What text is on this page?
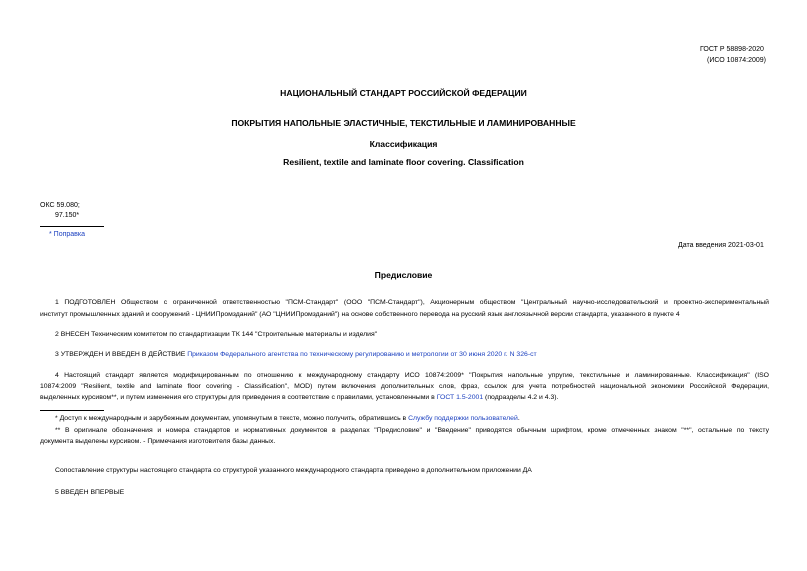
ГОСТ Р 58898-2020
(ИСО 10874:2009)
НАЦИОНАЛЬНЫЙ СТАНДАРТ РОССИЙСКОЙ ФЕДЕРАЦИИ
ПОКРЫТИЯ НАПОЛЬНЫЕ ЭЛАСТИЧНЫЕ, ТЕКСТИЛЬНЫЕ И ЛАМИНИРОВАННЫЕ
Классификация
Resilient, textile and laminate floor covering. Classification
ОКС 59.080;
97.150*
* Поправка
Дата введения 2021-03-01
Предисловие
1 ПОДГОТОВЛЕН Обществом с ограниченной ответственностью "ПСМ-Стандарт" (ООО "ПСМ-Стандарт"), Акционерным обществом "Центральный научно-исследовательский и проектно-экспериментальный
институт промышленных зданий и сооружений - ЦНИИПромзданий" (АО "ЦНИИПромзданий") на основе собственного перевода на русский язык англоязычной версии стандарта, указанного в пункте 4
2 ВНЕСЕН Техническим комитетом по стандартизации ТК 144 "Строительные материалы и изделия"
3 УТВЕРЖДЕН И ВВЕДЕН В ДЕЙСТВИЕ Приказом Федерального агентства по техническому регулированию и метрологии от 30 июня 2020 г. N 326-ст
4 Настоящий стандарт является модифицированным по отношению к международному стандарту ИСО 10874:2009* "Покрытия напольные упругие, текстильные и ламинированные. Классификация" (ISO
10874:2009 "Resilient, textile and laminate floor covering - Classification", MOD) путем включения дополнительных слов, фраз, ссылок для учета потребностей национальной экономики Российской Федерации,
выделенных курсивом**, и путем изменения его структуры для приведения в соответствие с правилами, установленными в ГОСТ 1.5-2001 (подразделы 4.2 и 4.3).
* Доступ к международным и зарубежным документам, упомянутым в тексте, можно получить, обратившись в Службу поддержки пользователей.
** В оригинале обозначения и номера стандартов и нормативных документов в разделах "Предисловие" и "Введение" приводятся обычным шрифтом, кроме отмеченных знаком "**", остальные по тексту
документа выделены курсивом. - Примечания изготовителя базы данных.
Сопоставление структуры настоящего стандарта со структурой указанного международного стандарта приведено в дополнительном приложении ДА
5 ВВЕДЕН ВПЕРВЫЕ
